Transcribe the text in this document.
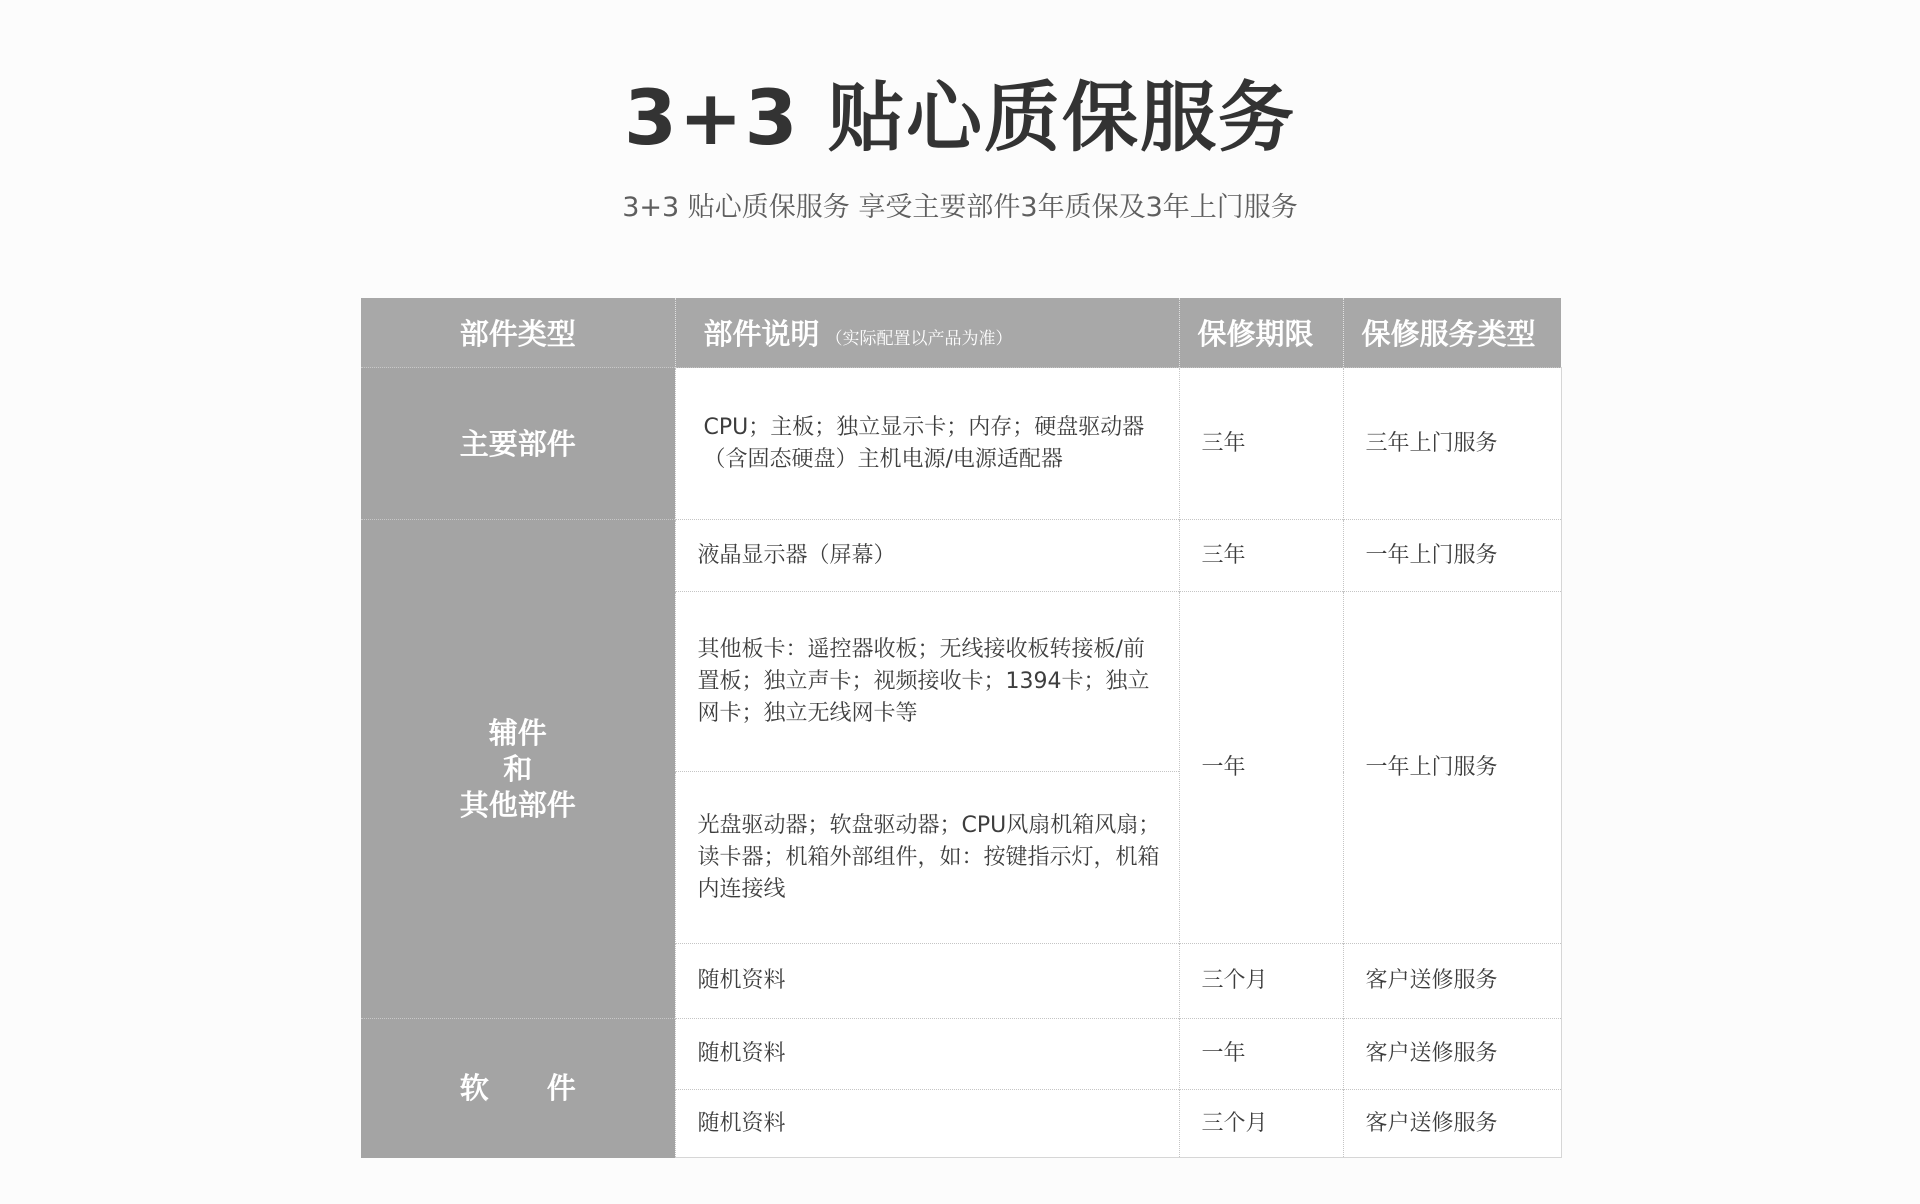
3+3 贴心质保服务

3+3 贴心质保服务 享受主要部件3年质保及3年上门服务

部件类型	部件说明 （实际配置以产品为准）	保修期限	保修服务类型
主要部件	CPU；主板；独立显示卡；内存；硬盘驱动器
（含固态硬盘）主机电源/电源适配器	三年	三年上门服务

辅件
和
其他部件	液晶显示器（屏幕）	三年	一年上门服务

	其他板卡：遥控器收板；无线接收板转接板/前
置板；独立声卡；视频接收卡；1394卡；独立
网卡；独立无线网卡等	一年	一年上门服务

	光盘驱动器；软盘驱动器；CPU风扇机箱风扇；
读卡器；机箱外部组件，如：按键指示灯，机箱
内连接线		

	随机资料	三个月	客户送修服务
软　　件	随机资料	一年	客户送修服务
	随机资料	三个月	客户送修服务
